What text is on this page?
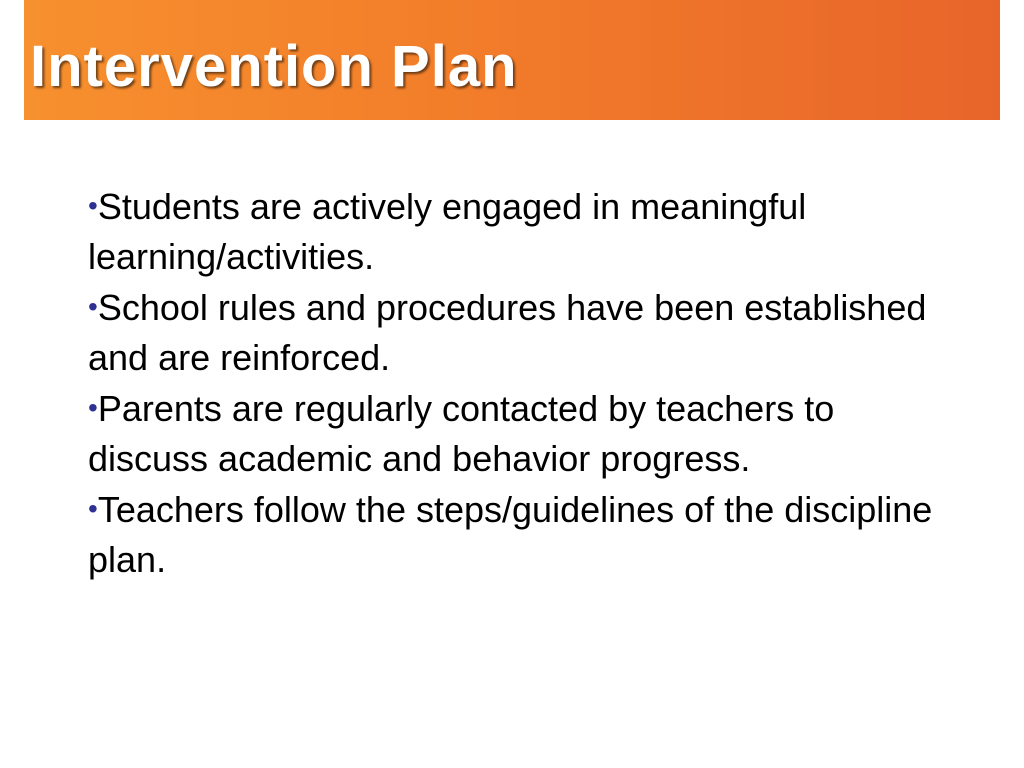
Intervention Plan

•Students are actively engaged in meaningful learning/activities.

•School rules and procedures have been established and are reinforced.

•Parents are regularly contacted by teachers to discuss academic and behavior progress.

•Teachers follow the steps/guidelines of the discipline plan.
